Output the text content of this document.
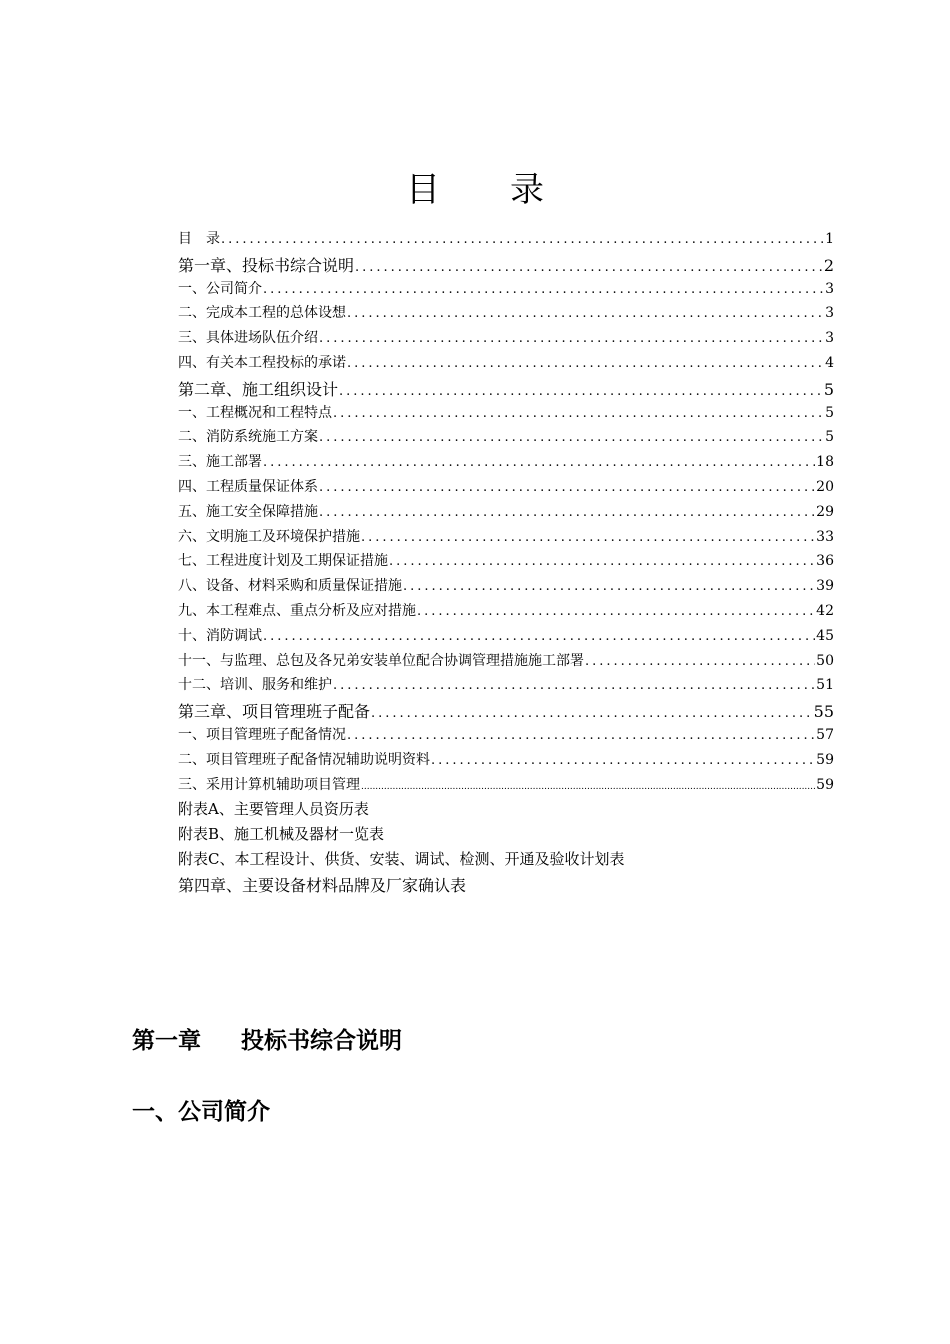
目 录
目　录 .....	1
第一章、投标书综合说明 .....	2
一、公司简介 .....	3
二、完成本工程的总体设想 .....	3
三、具体进场队伍介绍 .....	3
四、有关本工程投标的承诺 .....	4
第二章、施工组织设计 .....	5
一、工程概况和工程特点 .....	5
二、消防系统施工方案 .....	5
三、施工部署 .....	18
四、工程质量保证体系 .....	20
五、施工安全保障措施 .....	29
六、文明施工及环境保护措施 .....	33
七、工程进度计划及工期保证措施 .....	36
八、设备、材料采购和质量保证措施 .....	39
九、本工程难点、重点分析及应对措施 .....	42
十、消防调试 .....	45
十一、与监理、总包及各兄弟安装单位配合协调管理措施施工部署 .....	50
十二、培训、服务和维护 .....	51
第三章、项目管理班子配备 .....	55
一、项目管理班子配备情况 .....	57
二、项目管理班子配备情况辅助说明资料 .....	59
三、采用计算机辅助项目管理 .....	59
附表A、主要管理人员资历表
附表B、施工机械及器材一览表
附表C、本工程设计、供货、安装、调试、检测、开通及验收计划表
第四章、主要设备材料品牌及厂家确认表
第一章 投标书综合说明
一、公司简介
